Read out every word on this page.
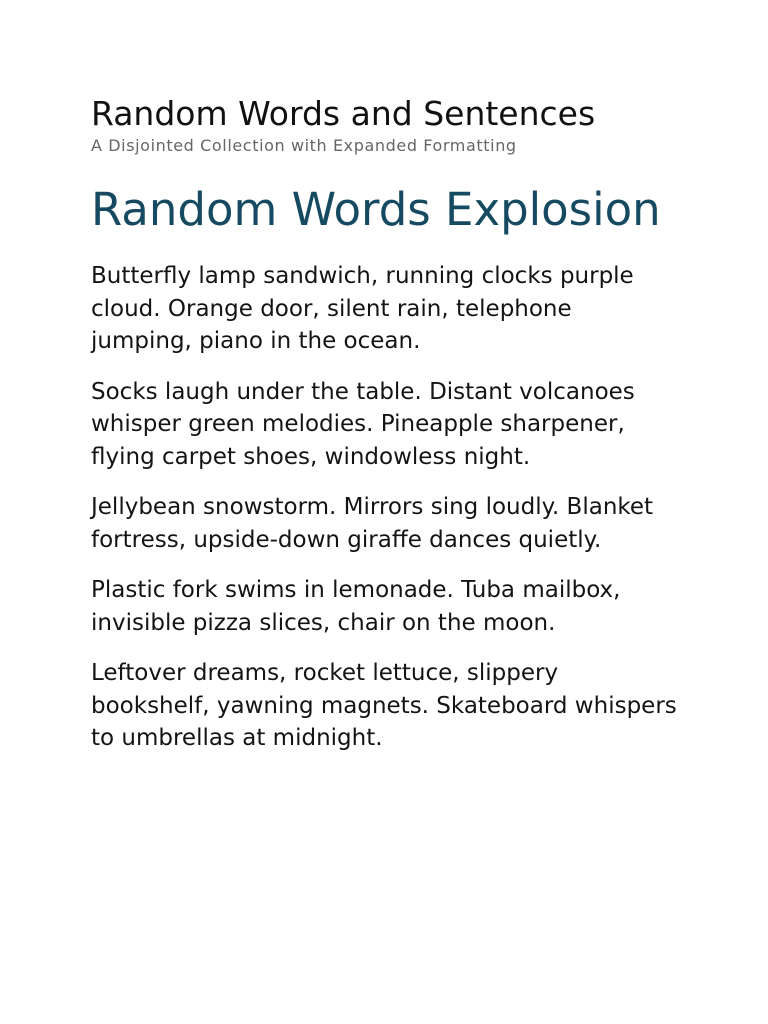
Random Words and Sentences

A Disjointed Collection with Expanded Formatting

Random Words Explosion

Butterfly lamp sandwich, running clocks purple cloud. Orange door, silent rain, telephone jumping, piano in the ocean.

Socks laugh under the table. Distant volcanoes whisper green melodies. Pineapple sharpener, flying carpet shoes, windowless night.

Jellybean snowstorm. Mirrors sing loudly. Blanket fortress, upside-down giraffe dances quietly.

Plastic fork swims in lemonade. Tuba mailbox, invisible pizza slices, chair on the moon.

Leftover dreams, rocket lettuce, slippery bookshelf, yawning magnets. Skateboard whispers to umbrellas at midnight.
